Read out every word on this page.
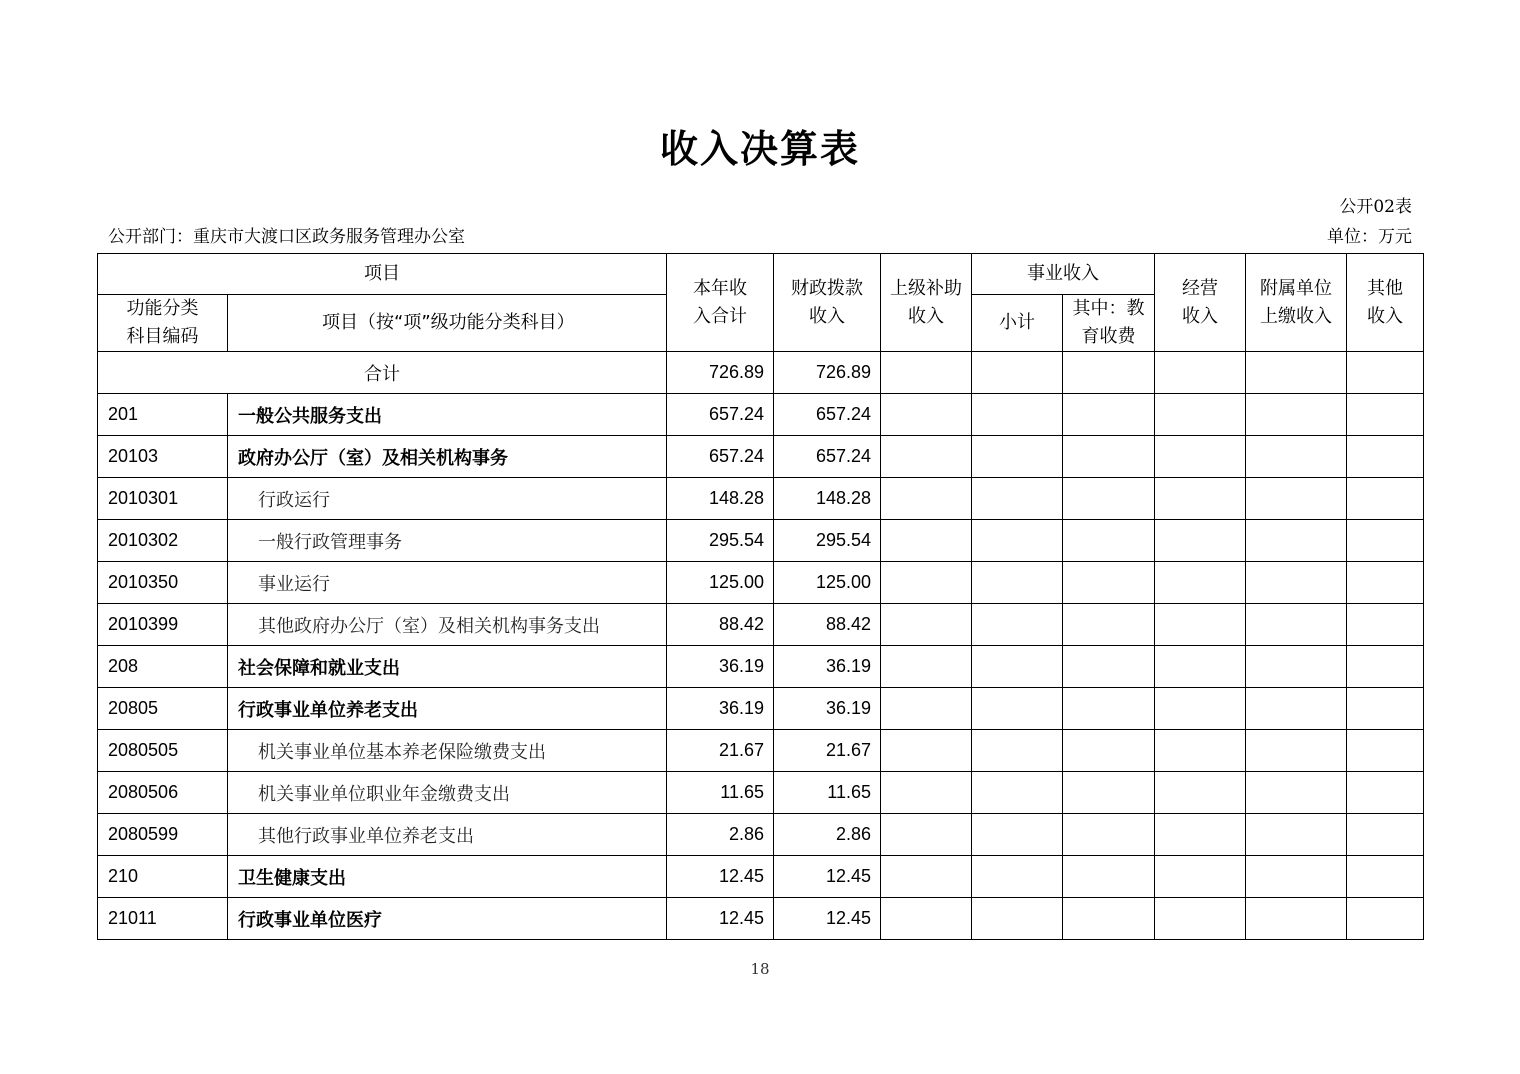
收入决算表
公开02表
公开部门：重庆市大渡口区政务服务管理办公室	单位：万元
项目		本年收入合计	财政拨款收入	上级补助收入	事业收入		经营收入	附属单位上缴收入	其他收入

功能分类科目编码	项目（按“项”级功能分类科目）				小计	其中：教育收费			

合计		726.89	726.89						
201	一般公共服务支出	657.24	657.24						
20103	政府办公厅（室）及相关机构事务	657.24	657.24						
2010301	行政运行	148.28	148.28						
2010302	一般行政管理事务	295.54	295.54						
2010350	事业运行	125.00	125.00						
2010399	其他政府办公厅（室）及相关机构事务支出	88.42	88.42						
208	社会保障和就业支出	36.19	36.19						
20805	行政事业单位养老支出	36.19	36.19						
2080505	机关事业单位基本养老保险缴费支出	21.67	21.67						
2080506	机关事业单位职业年金缴费支出	11.65	11.65						
2080599	其他行政事业单位养老支出	2.86	2.86						
210	卫生健康支出	12.45	12.45						
21011	行政事业单位医疗	12.45	12.45						
18
